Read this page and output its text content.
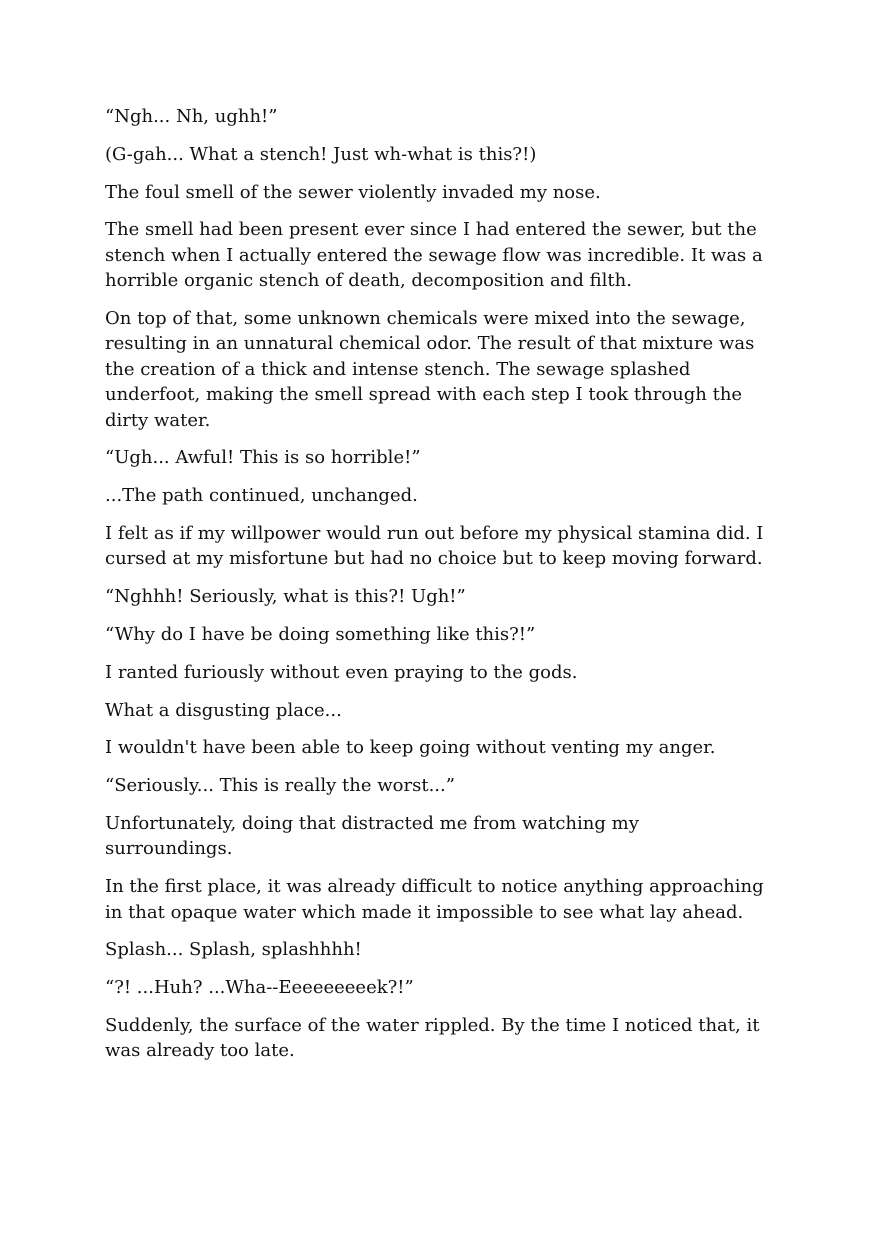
“Ngh... Nh, ughh!”

(G-gah... What a stench! Just wh-what is this?!)

The foul smell of the sewer violently invaded my nose.

The smell had been present ever since I had entered the sewer, but the stench when I actually entered the sewage flow was incredible. It was a horrible organic stench of death, decomposition and filth.

On top of that, some unknown chemicals were mixed into the sewage, resulting in an unnatural chemical odor. The result of that mixture was the creation of a thick and intense stench. The sewage splashed underfoot, making the smell spread with each step I took through the dirty water.

“Ugh... Awful! This is so horrible!”

...The path continued, unchanged.

I felt as if my willpower would run out before my physical stamina did. I cursed at my misfortune but had no choice but to keep moving forward.

“Nghhh! Seriously, what is this?! Ugh!”

“Why do I have be doing something like this?!”

I ranted furiously without even praying to the gods.

What a disgusting place...

I wouldn't have been able to keep going without venting my anger.

“Seriously... This is really the worst...”

Unfortunately, doing that distracted me from watching my surroundings.

In the first place, it was already difficult to notice anything approaching in that opaque water which made it impossible to see what lay ahead.

Splash... Splash, splashhhh!

“?! ...Huh? ...Wha--Eeeeeeeeek?!”

Suddenly, the surface of the water rippled. By the time I noticed that, it was already too late.
